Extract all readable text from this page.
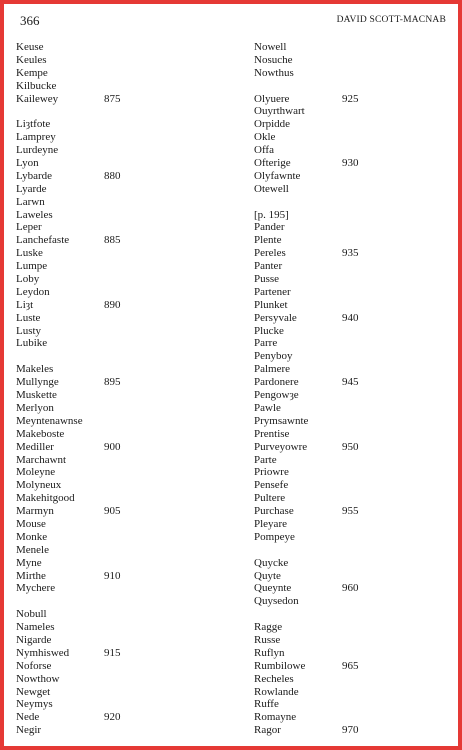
366	DAVID SCOTT-MACNAB
Keuse
Keules
Kempe
Kilbucke
Kailewey	875
Liȝtfote
Lamprey
Lurdeyne
Lyon
Lybarde	880
Lyarde
Larwn
Laweles
Leper
Lanchefaste	885
Luske
Lumpe
Loby
Leydon
Liȝt	890
Luste
Lusty
Lubike
Makeles
Mullynge	895
Muskette
Merlyon
Meyntenawnse
Makeboste
Mediller	900
Marchawnt
Moleyne
Molyneux
Makehitgood
Marmyn	905
Mouse
Monke
Menele
Myne
Mirthe	910
Mychere
Nobull
Nameles
Nigarde
Nymhiswed	915
Noforse
Nowthow
Newget
Neymys
Nede	920
Negir
Nowell
Nosuche
Nowthus
Olyuere	925
Ouyrthwart
Orpidde
Okle
Offa
Ofterige	930
Olyfawnte
Otewell
[p. 195]
Pander
Plente
Pereles	935
Panter
Pusse
Partener
Plunket
Persyvale	940
Plucke
Parre
Penyboy
Palmere
Pardonere	945
Pengowȝe
Pawle
Prymsawnte
Prentise
Purveyowre	950
Parte
Priowre
Pensefe
Pultere
Purchase	955
Pleyare
Pompeye
Quycke
Quyte
Queynte	960
Quysedon
Ragge
Russe
Ruflyn
Rumbilowe	965
Recheles
Rowlande
Ruffe
Romayne
Ragor	970
